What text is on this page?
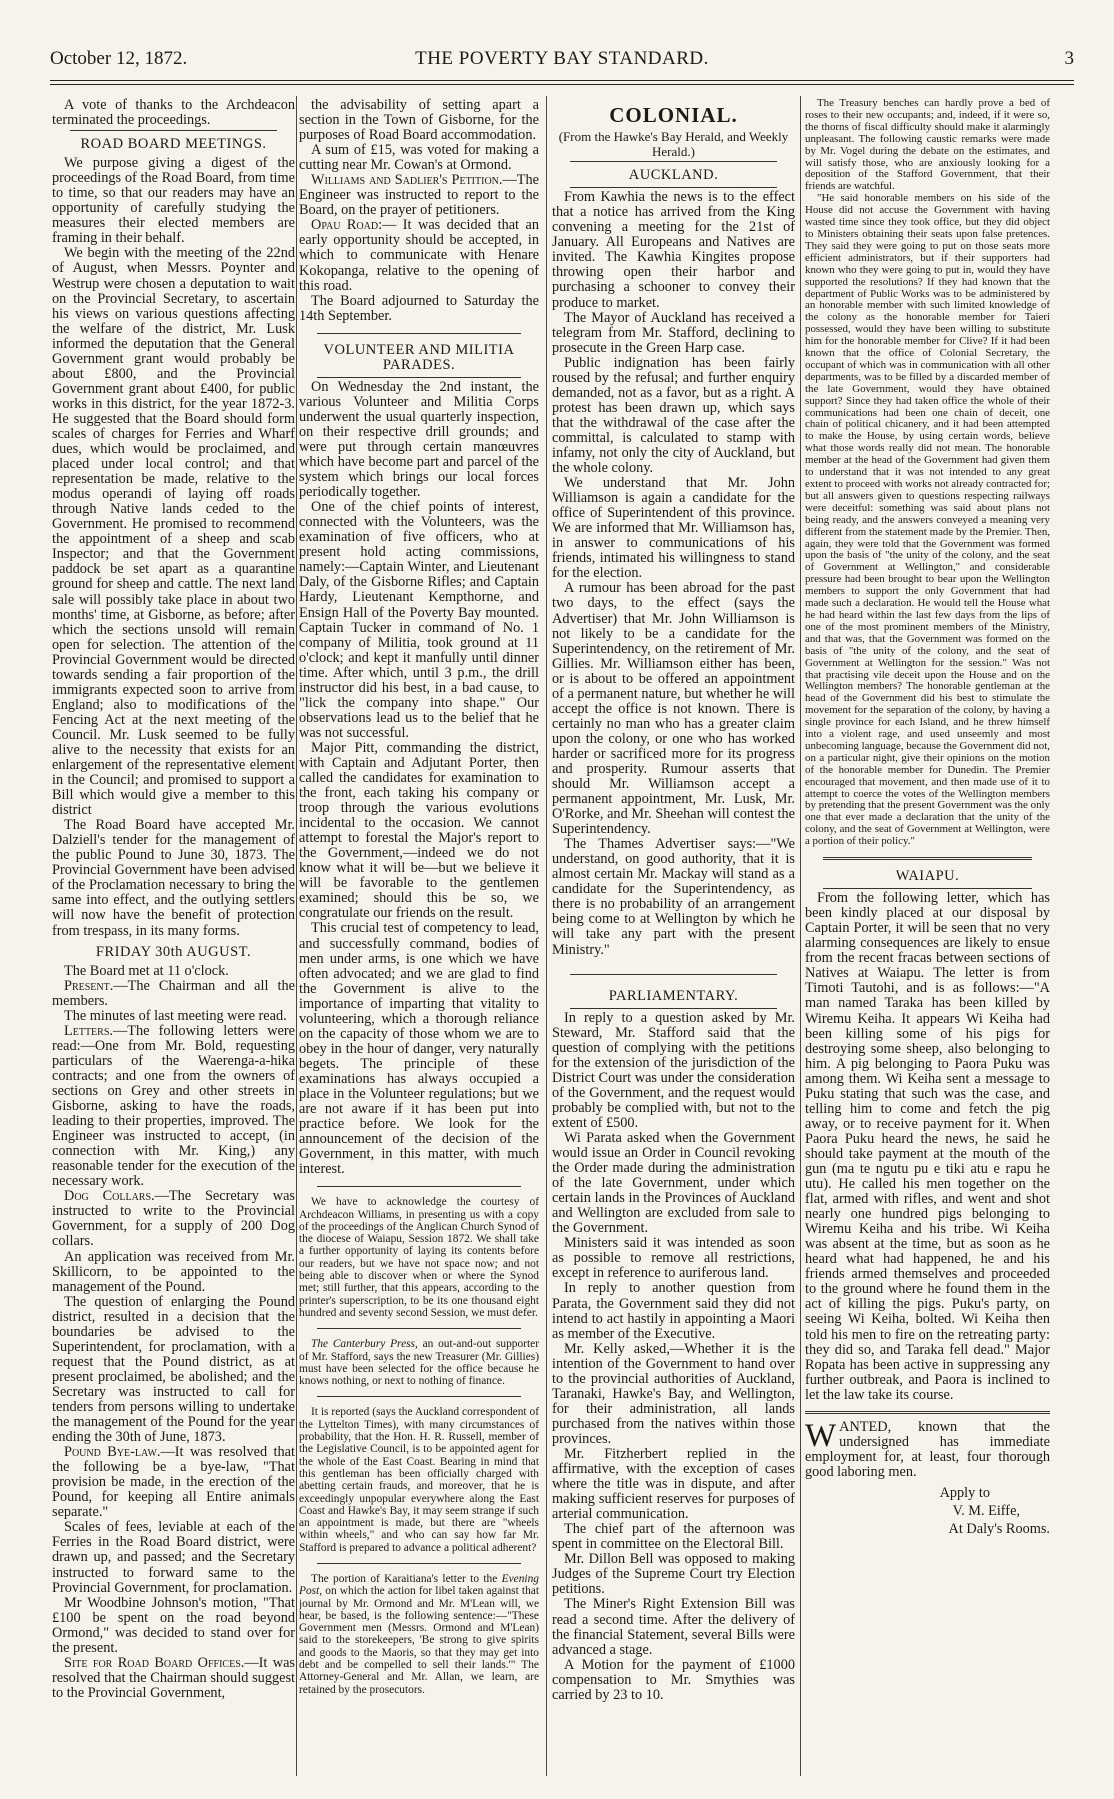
October 12, 1872.	THE POVERTY BAY STANDARD.	3

A vote of thanks to the Archdeacon terminated the proceedings.

ROAD BOARD MEETINGS.

We purpose giving a digest of the proceedings of the Road Board, from time to time, so that our readers may have an opportunity of carefully studying the measures their elected members are framing in their behalf.

We begin with the meeting of the 22nd of August, when Messrs. Poynter and Westrup were chosen a deputation to wait on the Provincial Secretary, to ascertain his views on various questions affecting the welfare of the district, Mr. Lusk informed the deputation that the General Government grant would probably be about £800, and the Provincial Government grant about £400, for public works in this district, for the year 1872-3. He suggested that the Board should form scales of charges for Ferries and Wharf dues, which would be proclaimed, and placed under local control; and that representation be made, relative to the modus operandi of laying off roads through Native lands ceded to the Government. He promised to recommend the appointment of a sheep and scab Inspector; and that the Government paddock be set apart as a quarantine ground for sheep and cattle. The next land sale will possibly take place in about two months' time, at Gisborne, as before; after which the sections unsold will remain open for selection. The attention of the Provincial Government would be directed towards sending a fair proportion of the immigrants expected soon to arrive from England; also to modifications of the Fencing Act at the next meeting of the Council. Mr. Lusk seemed to be fully alive to the necessity that exists for an enlargement of the representative element in the Council; and promised to support a Bill which would give a member to this district

The Road Board have accepted Mr. Dalziell's tender for the management of the public Pound to June 30, 1873. The Provincial Government have been advised of the Proclamation necessary to bring the same into effect, and the outlying settlers will now have the benefit of protection from trespass, in its many forms.

FRIDAY 30th AUGUST.

The Board met at 11 o'clock.

Present.—The Chairman and all the members.

The minutes of last meeting were read.

Letters.—The following letters were read:—One from Mr. Bold, requesting particulars of the Waerenga-a-hika contracts; and one from the owners of sections on Grey and other streets in Gisborne, asking to have the roads, leading to their properties, improved. The Engineer was instructed to accept, (in connection with Mr. King,) any reasonable tender for the execution of the necessary work.

Dog Collars.—The Secretary was instructed to write to the Provincial Government, for a supply of 200 Dog collars.

An application was received from Mr. Skillicorn, to be appointed to the management of the Pound.

The question of enlarging the Pound district, resulted in a decision that the boundaries be advised to the Superintendent, for proclamation, with a request that the Pound district, as at present proclaimed, be abolished; and the Secretary was instructed to call for tenders from persons willing to undertake the management of the Pound for the year ending the 30th of June, 1873.

Pound Bye-law.—It was resolved that the following be a bye-law, "That provision be made, in the erection of the Pound, for keeping all Entire animals separate."

Scales of fees, leviable at each of the Ferries in the Road Board district, were drawn up, and passed; and the Secretary instructed to forward same to the Provincial Government, for proclamation.

Mr Woodbine Johnson's motion, "That £100 be spent on the road beyond Ormond," was decided to stand over for the present.

Site for Road Board Offices.—It was resolved that the Chairman should suggest to the Provincial Government,

the advisability of setting apart a section in the Town of Gisborne, for the purposes of Road Board accommodation.

A sum of £15, was voted for making a cutting near Mr. Cowan's at Ormond.

Williams and Sadlier's Petition.—The Engineer was instructed to report to the Board, on the prayer of petitioners.

Opau Road:— It was decided that an early opportunity should be accepted, in which to communicate with Henare Kokopanga, relative to the opening of this road.

The Board adjourned to Saturday the 14th September.

VOLUNTEER AND MILITIA PARADES.

On Wednesday the 2nd instant, the various Volunteer and Militia Corps underwent the usual quarterly inspection, on their respective drill grounds; and were put through certain manœuvres which have become part and parcel of the system which brings our local forces periodically together.

One of the chief points of interest, connected with the Volunteers, was the examination of five officers, who at present hold acting commissions, namely:—Captain Winter, and Lieutenant Daly, of the Gisborne Rifles; and Captain Hardy, Lieutenant Kempthorne, and Ensign Hall of the Poverty Bay mounted. Captain Tucker in command of No. 1 company of Militia, took ground at 11 o'clock; and kept it manfully until dinner time. After which, until 3 p.m., the drill instructor did his best, in a bad cause, to "lick the company into shape." Our observations lead us to the belief that he was not successful.

Major Pitt, commanding the district, with Captain and Adjutant Porter, then called the candidates for examination to the front, each taking his company or troop through the various evolutions incidental to the occasion. We cannot attempt to forestal the Major's report to the Government,—indeed we do not know what it will be—but we believe it will be favorable to the gentlemen examined; should this be so, we congratulate our friends on the result.

This crucial test of competency to lead, and successfully command, bodies of men under arms, is one which we have often advocated; and we are glad to find the Government is alive to the importance of imparting that vitality to volunteering, which a thorough reliance on the capacity of those whom we are to obey in the hour of danger, very naturally begets. The principle of these examinations has always occupied a place in the Volunteer regulations; but we are not aware if it has been put into practice before. We look for the announcement of the decision of the Government, in this matter, with much interest.

We have to acknowledge the courtesy of Archdeacon Williams, in presenting us with a copy of the proceedings of the Anglican Church Synod of the diocese of Waiapu, Session 1872. We shall take a further opportunity of laying its contents before our readers, but we have not space now; and not being able to discover when or where the Synod met; still further, that this appears, according to the printer's superscription, to be its one thousand eight hundred and seventy second Session, we must defer.

The Canterbury Press, an out-and-out supporter of Mr. Stafford, says the new Treasurer (Mr. Gillies) must have been selected for the office because he knows nothing, or next to nothing of finance.

It is reported (says the Auckland correspondent of the Lyttelton Times), with many circumstances of probability, that the Hon. H. R. Russell, member of the Legislative Council, is to be appointed agent for the whole of the East Coast. Bearing in mind that this gentleman has been officially charged with abetting certain frauds, and moreover, that he is exceedingly unpopular everywhere along the East Coast and Hawke's Bay, it may seem strange if such an appointment is made, but there are "wheels within wheels," and who can say how far Mr. Stafford is prepared to advance a political adherent?

The portion of Karaitiana's letter to the Evening Post, on which the action for libel taken against that journal by Mr. Ormond and Mr. M'Lean will, we hear, be based, is the following sentence:—"These Government men (Messrs. Ormond and M'Lean) said to the storekeepers, 'Be strong to give spirits and goods to the Maoris, so that they may get into debt and be compelled to sell their lands.'" The Attorney-General and Mr. Allan, we learn, are retained by the prosecutors.

COLONIAL.
(From the Hawke's Bay Herald, and Weekly Herald.)
AUCKLAND.

From Kawhia the news is to the effect that a notice has arrived from the King convening a meeting for the 21st of January. All Europeans and Natives are invited. The Kawhia Kingites propose throwing open their harbor and purchasing a schooner to convey their produce to market.

The Mayor of Auckland has received a telegram from Mr. Stafford, declining to prosecute in the Green Harp case.

Public indignation has been fairly roused by the refusal; and further enquiry demanded, not as a favor, but as a right. A protest has been drawn up, which says that the withdrawal of the case after the committal, is calculated to stamp with infamy, not only the city of Auckland, but the whole colony.

We understand that Mr. John Williamson is again a candidate for the office of Superintendent of this province. We are informed that Mr. Williamson has, in answer to communications of his friends, intimated his willingness to stand for the election.

A rumour has been abroad for the past two days, to the effect (says the Advertiser) that Mr. John Williamson is not likely to be a candidate for the Superintendency, on the retirement of Mr. Gillies. Mr. Williamson either has been, or is about to be offered an appointment of a permanent nature, but whether he will accept the office is not known. There is certainly no man who has a greater claim upon the colony, or one who has worked harder or sacrificed more for its progress and prosperity. Rumour asserts that should Mr. Williamson accept a permanent appointment, Mr. Lusk, Mr. O'Rorke, and Mr. Sheehan will contest the Superintendency.

The Thames Advertiser says:—"We understand, on good authority, that it is almost certain Mr. Mackay will stand as a candidate for the Superintendency, as there is no probability of an arrangement being come to at Wellington by which he will take any part with the present Ministry."

PARLIAMENTARY.

In reply to a question asked by Mr. Steward, Mr. Stafford said that the question of complying with the petitions for the extension of the jurisdiction of the District Court was under the consideration of the Government, and the request would probably be complied with, but not to the extent of £500.

Wi Parata asked when the Government would issue an Order in Council revoking the Order made during the administration of the late Government, under which certain lands in the Provinces of Auckland and Wellington are excluded from sale to the Government.

Ministers said it was intended as soon as possible to remove all restrictions, except in reference to auriferous land.

In reply to another question from Parata, the Government said they did not intend to act hastily in appointing a Maori as member of the Executive.

Mr. Kelly asked,—Whether it is the intention of the Government to hand over to the provincial authorities of Auckland, Taranaki, Hawke's Bay, and Wellington, for their administration, all lands purchased from the natives within those provinces.

Mr. Fitzherbert replied in the affirmative, with the exception of cases where the title was in dispute, and after making sufficient reserves for purposes of arterial communication.

The chief part of the afternoon was spent in committee on the Electoral Bill.

Mr. Dillon Bell was opposed to making Judges of the Supreme Court try Election petitions.

The Miner's Right Extension Bill was read a second time. After the delivery of the financial Statement, several Bills were advanced a stage.

A Motion for the payment of £1000 compensation to Mr. Smythies was carried by 23 to 10.

The Treasury benches can hardly prove a bed of roses to their new occupants; and, indeed, if it were so, the thorns of fiscal difficulty should make it alarmingly unpleasant. The following caustic remarks were made by Mr. Vogel during the debate on the estimates, and will satisfy those, who are anxiously looking for a deposition of the Stafford Government, that their friends are watchful.

"He said honorable members on his side of the House did not accuse the Government with having wasted time since they took office, but they did object to Ministers obtaining their seats upon false pretences. They said they were going to put on those seats more efficient administrators, but if their supporters had known who they were going to put in, would they have supported the resolutions? If they had known that the department of Public Works was to be administered by an honorable member with such limited knowledge of the colony as the honorable member for Taieri possessed, would they have been willing to substitute him for the honorable member for Clive? If it had been known that the office of Colonial Secretary, the occupant of which was in communication with all other departments, was to be filled by a discarded member of the late Government, would they have obtained support? Since they had taken office the whole of their communications had been one chain of deceit, one chain of political chicanery, and it had been attempted to make the House, by using certain words, believe what those words really did not mean. The honorable member at the head of the Government had given them to understand that it was not intended to any great extent to proceed with works not already contracted for; but all answers given to questions respecting railways were deceitful: something was said about plans not being ready, and the answers conveyed a meaning very different from the statement made by the Premier. Then, again, they were told that the Government was formed upon the basis of "the unity of the colony, and the seat of Government at Wellington," and considerable pressure had been brought to bear upon the Wellington members to support the only Government that had made such a declaration. He would tell the House what he had heard within the last few days from the lips of one of the most prominent members of the Ministry, and that was, that the Government was formed on the basis of "the unity of the colony, and the seat of Government at Wellington for the session." Was not that practising vile deceit upon the House and on the Wellington members? The honorable gentleman at the head of the Government did his best to stimulate the movement for the separation of the colony, by having a single province for each Island, and he threw himself into a violent rage, and used unseemly and most unbecoming language, because the Government did not, on a particular night, give their opinions on the motion of the honorable member for Dunedin. The Premier encouraged that movement, and then made use of it to attempt to coerce the votes of the Wellington members by pretending that the present Government was the only one that ever made a declaration that the unity of the colony, and the seat of Government at Wellington, were a portion of their policy."

WAIAPU.

From the following letter, which has been kindly placed at our disposal by Captain Porter, it will be seen that no very alarming consequences are likely to ensue from the recent fracas between sections of Natives at Waiapu. The letter is from Timoti Tautohi, and is as follows:—"A man named Taraka has been killed by Wiremu Keiha. It appears Wi Keiha had been killing some of his pigs for destroying some sheep, also belonging to him. A pig belonging to Paora Puku was among them. Wi Keiha sent a message to Puku stating that such was the case, and telling him to come and fetch the pig away, or to receive payment for it. When Paora Puku heard the news, he said he should take payment at the mouth of the gun (ma te ngutu pu e tiki atu e rapu he utu). He called his men together on the flat, armed with rifles, and went and shot nearly one hundred pigs belonging to Wiremu Keiha and his tribe. Wi Keiha was absent at the time, but as soon as he heard what had happened, he and his friends armed themselves and proceeded to the ground where he found them in the act of killing the pigs. Puku's party, on seeing Wi Keiha, bolted. Wi Keiha then told his men to fire on the retreating party: they did so, and Taraka fell dead." Major Ropata has been active in suppressing any further outbreak, and Paora is inclined to let the law take its course.

WANTED, known that the undersigned has immediate employment for, at least, four thorough good laboring men.

Apply to
V. M. Eiffe,
At Daly's Rooms.
